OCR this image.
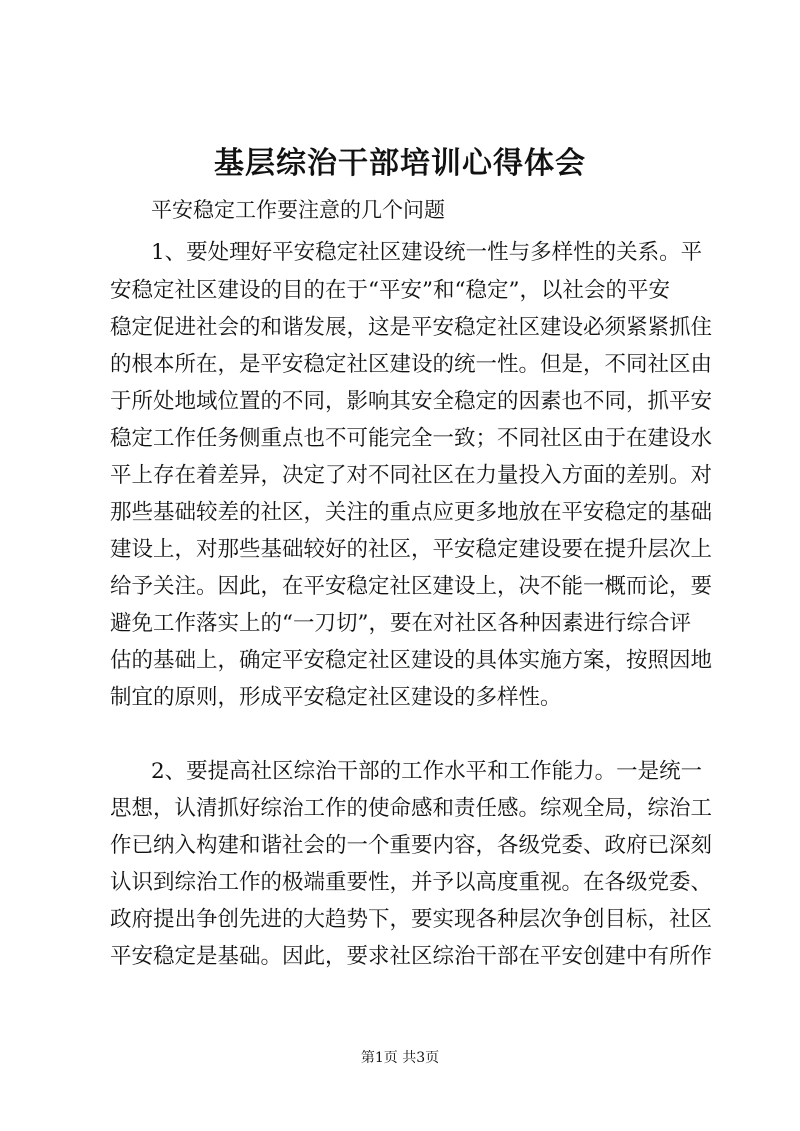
基层综治干部培训心得体会

平安稳定工作要注意的几个问题

1、要处理好平安稳定社区建设统一性与多样性的关系。平

安稳定社区建设的目的在于“平安”和“稳定”，以社会的平安

稳定促进社会的和谐发展，这是平安稳定社区建设必须紧紧抓住

的根本所在，是平安稳定社区建设的统一性。但是，不同社区由

于所处地域位置的不同，影响其安全稳定的因素也不同，抓平安

稳定工作任务侧重点也不可能完全一致；不同社区由于在建设水

平上存在着差异，决定了对不同社区在力量投入方面的差别。对

那些基础较差的社区，关注的重点应更多地放在平安稳定的基础

建设上，对那些基础较好的社区，平安稳定建设要在提升层次上

给予关注。因此，在平安稳定社区建设上，决不能一概而论，要

避免工作落实上的“一刀切”，要在对社区各种因素进行综合评

估的基础上，确定平安稳定社区建设的具体实施方案，按照因地

制宜的原则，形成平安稳定社区建设的多样性。

2、要提高社区综治干部的工作水平和工作能力。一是统一

思想，认清抓好综治工作的使命感和责任感。综观全局，综治工

作已纳入构建和谐社会的一个重要内容，各级党委、政府已深刻

认识到综治工作的极端重要性，并予以高度重视。在各级党委、

政府提出争创先进的大趋势下，要实现各种层次争创目标，社区

平安稳定是基础。因此，要求社区综治干部在平安创建中有所作

第1页 共3页
